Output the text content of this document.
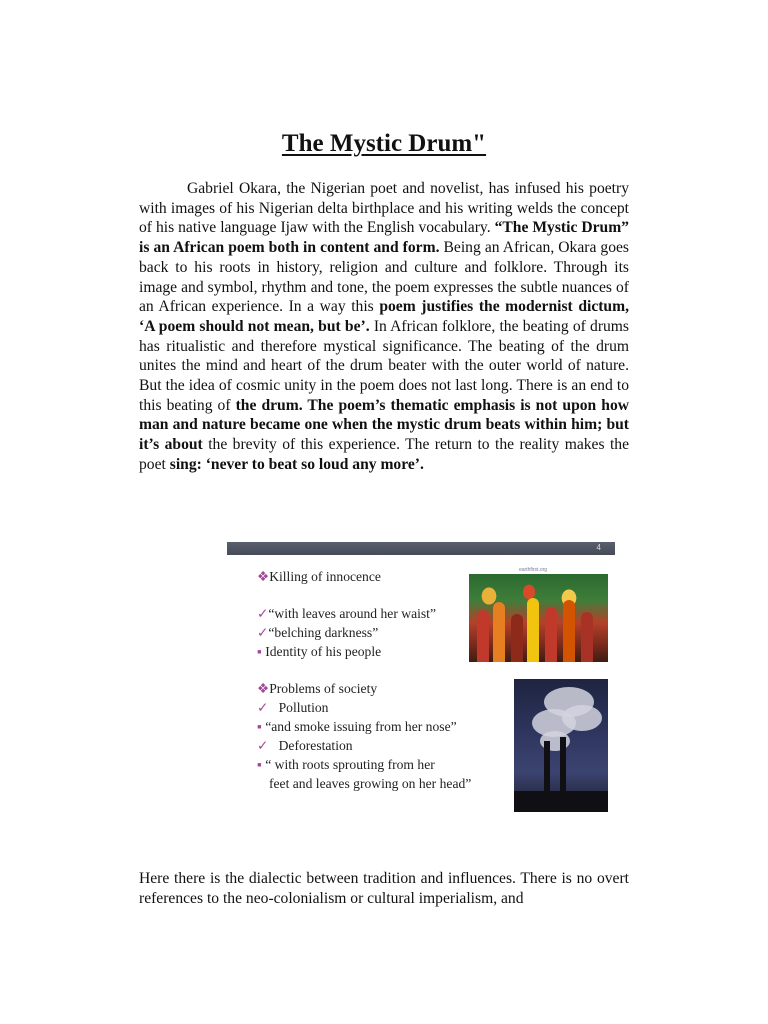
The Mystic Drum"
Gabriel Okara, the Nigerian poet and novelist, has infused his poetry with images of his Nigerian delta birthplace and his writing welds the concept of his native language Ijaw with the English vocabulary. “The Mystic Drum” is an African poem both in content and form. Being an African, Okara goes back to his roots in history, religion and culture and folklore. Through its image and symbol, rhythm and tone, the poem expresses the subtle nuances of an African experience. In a way this poem justifies the modernist dictum, ‘A poem should not mean, but be’. In African folklore, the beating of drums has ritualistic and therefore mystical significance. The beating of the drum unites the mind and heart of the drum beater with the outer world of nature. But the idea of cosmic unity in the poem does not last long. There is an end to this beating of the drum. The poem’s thematic emphasis is not upon how man and nature became one when the mystic drum beats within him; but it’s about the brevity of this experience. The return to the reality makes the poet sing: ‘never to beat so loud any more’.
4
earthfirst.org
❖Killing of innocence
✓“with leaves around her waist”
✓“belching darkness”
▪ Identity of his people
❖Problems of society
✓ Pollution
▪ “and smoke issuing from her nose”
✓ Deforestation
▪ “ with roots sprouting from her
feet and leaves growing on her head”
Here there is the dialectic between tradition and influences. There is no overt references to the neo-colonialism or cultural imperialism, and
